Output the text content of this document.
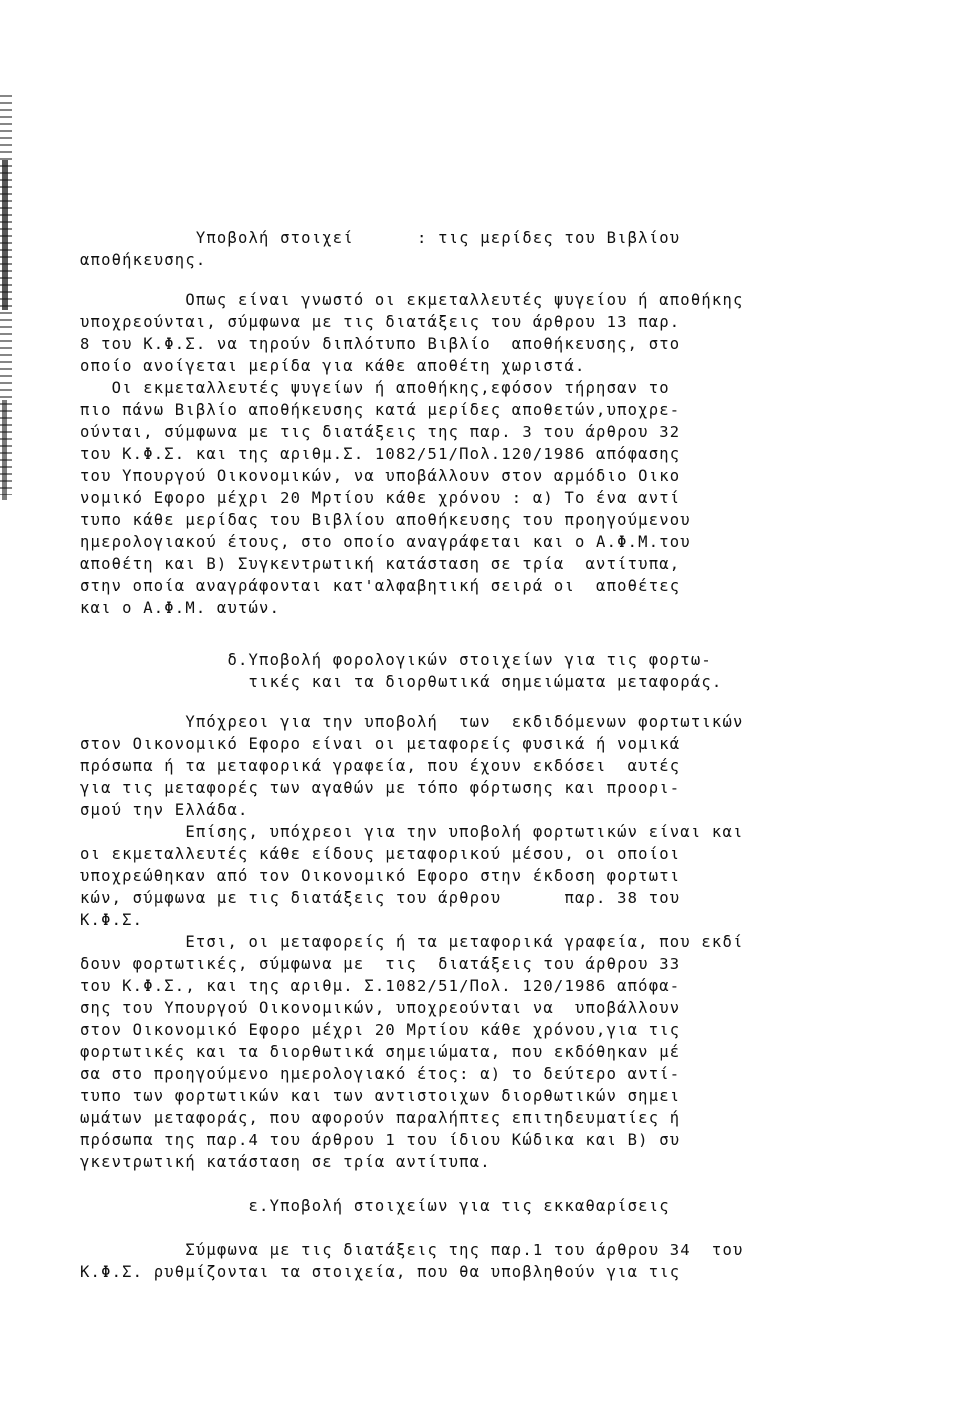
Υποβολή στοιχεί      : τις μερίδες του Βιβλίου
αποθήκευσης.
Οπως είναι γνωστό οι εκμεταλλευτές ψυγείου ή αποθήκης
υποχρεούνται, σύμφωνα με τις διατάξεις του άρθρου 13 παρ.
8 του Κ.Φ.Σ. να τηρούν διπλότυπο Βιβλίο  αποθήκευσης, στο
οποίο ανοίγεται μερίδα για κάθε αποθέτη χωριστά.
Οι εκμεταλλευτές ψυγείων ή αποθήκης,εφόσον τήρησαν το
πιο πάνω Βιβλίο αποθήκευσης κατά μερίδες αποθετών,υποχρε-
ούνται, σύμφωνα με τις διατάξεις της παρ. 3 του άρθρου 32
του Κ.Φ.Σ. και της αριθμ.Σ. 1082/51/Πολ.120/1986 απόφασης
του Υπουργού Οικονομικών, να υποβάλλουν στον αρμόδιο Οικο
νομικό Εφορο μέχρι 20 Μρτίου κάθε χρόνου : α) Το ένα αντί
τυπο κάθε μερίδας του Βιβλίου αποθήκευσης του προηγούμενου
ημερολογιακού έτους, στο οποίο αναγράφεται και ο Α.Φ.Μ.του
αποθέτη και Β) Συγκεντρωτική κατάσταση σε τρία  αντίτυπα,
στην οποία αναγράφονται κατ'αλφαβητική σειρά οι  αποθέτες
και ο Α.Φ.Μ. αυτών.
δ.Υποβολή φορολογικών στοιχείων για τις φορτω-
τικές και τα διορθωτικά σημειώματα μεταφοράς.
Υπόχρεοι για την υποβολή  των  εκδιδόμενων φορτωτικών
στον Οικονομικό Εφορο είναι οι μεταφορείς φυσικά ή νομικά
πρόσωπα ή τα μεταφορικά γραφεία, που έχουν εκδόσει  αυτές
για τις μεταφορές των αγαθών με τόπο φόρτωσης και προορι-
σμού την Ελλάδα.
Επίσης, υπόχρεοι για την υποβολή φορτωτικών είναι και
οι εκμεταλλευτές κάθε είδους μεταφορικού μέσου, οι οποίοι
υποχρεώθηκαν από τον Οικονομικό Εφορο στην έκδοση φορτωτι
κών, σύμφωνα με τις διατάξεις του άρθρου      παρ. 38 του
Κ.Φ.Σ.
Ετσι, οι μεταφορείς ή τα μεταφορικά γραφεία, που εκδί
δουν φορτωτικές, σύμφωνα με  τις  διατάξεις του άρθρου 33
του Κ.Φ.Σ., και της αριθμ. Σ.1082/51/Πολ. 120/1986 απόφα-
σης του Υπουργού Οικονομικών, υποχρεούνται να  υποβάλλουν
στον Οικονομικό Εφορο μέχρι 20 Μρτίου κάθε χρόνου,για τις
φορτωτικές και τα διορθωτικά σημειώματα, που εκδόθηκαν μέ
σα στο προηγούμενο ημερολογιακό έτος: α) το δεύτερο αντί-
τυπο των φορτωτικών και των αντιστοιχων διορθωτικών σημει
ωμάτων μεταφοράς, που αφορούν παραλήπτες επιτηδευματίες ή
πρόσωπα της παρ.4 του άρθρου 1 του ίδιου Κώδικα και Β) συ
γκεντρωτική κατάσταση σε τρία αντίτυπα.
ε.Υποβολή στοιχείων για τις εκκαθαρίσεις
Σύμφωνα με τις διατάξεις της παρ.1 του άρθρου 34  του
Κ.Φ.Σ. ρυθμίζονται τα στοιχεία, που θα υποβληθούν για τις
